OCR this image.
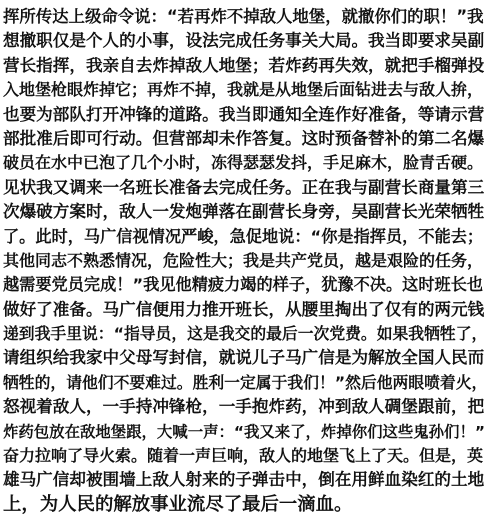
挥所传达上级命令说：“若再炸不掉敌人地堡，就撤你们的职！”我
想撤职仅是个人的小事，设法完成任务事关大局。我当即要求吴副
营长指挥，我亲自去炸掉敌人地堡；若炸药再失效，就把手榴弹投
入地堡枪眼炸掉它；再炸不掉，我就是从地堡后面钻进去与敌人拚，
也要为部队打开冲锋的道路。我当即通知全连作好准备，等请示营
部批准后即可行动。但营部却未作答复。这时预备替补的第二名爆
破员在水中已泡了几个小时，冻得瑟瑟发抖，手足麻木，脸青舌硬。
见状我又调来一名班长准备去完成任务。正在我与副营长商量第三
次爆破方案时，敌人一发炮弹落在副营长身旁，吴副营长光荣牺牲
了。此时，马广信视情况严峻，急促地说：“你是指挥员，不能去；
其他同志不熟悉情况，危险性大；我是共产党员，越是艰险的任务，
越需要党员完成！”我见他精疲力竭的样子，犹豫不决。这时班长也
做好了准备。马广信便用力推开班长，从腰里掏出了仅有的两元钱
递到我手里说：“指导员，这是我交的最后一次党费。如果我牺牲了，
请组织给我家中父母写封信，就说儿子马广信是为解放全国人民而
牺牲的，请他们不要难过。胜利一定属于我们！”然后他两眼喷着火，
怒视着敌人，一手持冲锋枪，一手抱炸药，冲到敌人碉堡跟前，把
炸药包放在敌地堡跟，大喊一声：“我又来了，炸掉你们这些鬼孙们！”
奋力拉响了导火索。随着一声巨响，敌人的地堡飞上了天。但是，英
雄马广信却被围墙上敌人射来的子弹击中，倒在用鲜血染红的土地
上，为人民的解放事业流尽了最后一滴血。
